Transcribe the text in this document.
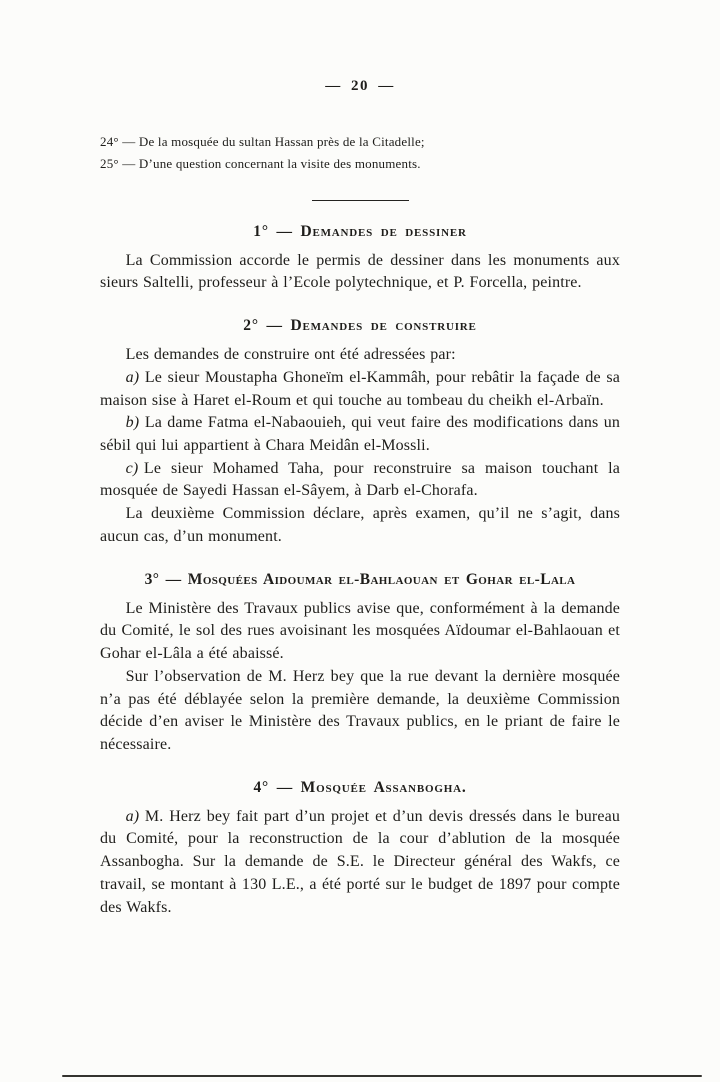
— 20 —

24° — De la mosquée du sultan Hassan près de la Citadelle;

25° — D’une question concernant la visite des monuments.

1° — Demandes de dessiner

La Commission accorde le permis de dessiner dans les monuments aux sieurs Saltelli, professeur à l’Ecole polytechnique, et P. Forcella, peintre.

2° — Demandes de construire

Les demandes de construire ont été adressées par:

a) Le sieur Moustapha Ghoneïm el-Kammâh, pour rebâtir la façade de sa maison sise à Haret el-Roum et qui touche au tombeau du cheikh el-Arbaïn.

b) La dame Fatma el-Nabaouieh, qui veut faire des modifications dans un sébil qui lui appartient à Chara Meidân el-Mossli.

c) Le sieur Mohamed Taha, pour reconstruire sa maison touchant la mosquée de Sayedi Hassan el-Sâyem, à Darb el-Chorafa.

La deuxième Commission déclare, après examen, qu’il ne s’agit, dans aucun cas, d’un monument.

3° — Mosquées Aidoumar el-Bahlaouan et Gohar el-Lala

Le Ministère des Travaux publics avise que, conformément à la demande du Comité, le sol des rues avoisinant les mosquées Aïdoumar el-Bahlaouan et Gohar el-Lâla a été abaissé.

Sur l’observation de M. Herz bey que la rue devant la dernière mosquée n’a pas été déblayée selon la première demande, la deuxième Commission décide d’en aviser le Ministère des Travaux publics, en le priant de faire le nécessaire.

4° — Mosquée Assanbogha.

a) M. Herz bey fait part d’un projet et d’un devis dressés dans le bureau du Comité, pour la reconstruction de la cour d’ablution de la mosquée Assanbogha. Sur la demande de S.E. le Directeur général des Wakfs, ce travail, se montant à 130 L.E., a été porté sur le budget de 1897 pour compte des Wakfs.
